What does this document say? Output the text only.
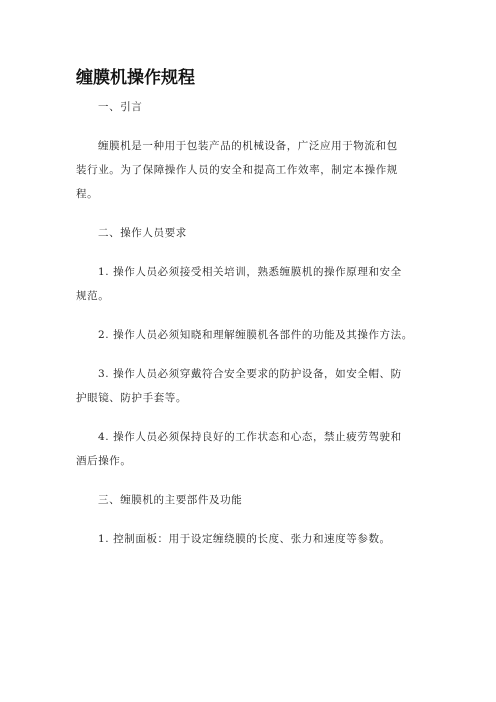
缠膜机操作规程
一、引言
缠膜机是一种用于包装产品的机械设备，广泛应用于物流和包
装行业。为了保障操作人员的安全和提高工作效率，制定本操作规
程。
二、操作人员要求
1. 操作人员必须接受相关培训，熟悉缠膜机的操作原理和安全
规范。
2. 操作人员必须知晓和理解缠膜机各部件的功能及其操作方法。
3. 操作人员必须穿戴符合安全要求的防护设备，如安全帽、防
护眼镜、防护手套等。
4. 操作人员必须保持良好的工作状态和心态，禁止疲劳驾驶和
酒后操作。
三、缠膜机的主要部件及功能
1. 控制面板：用于设定缠绕膜的长度、张力和速度等参数。
